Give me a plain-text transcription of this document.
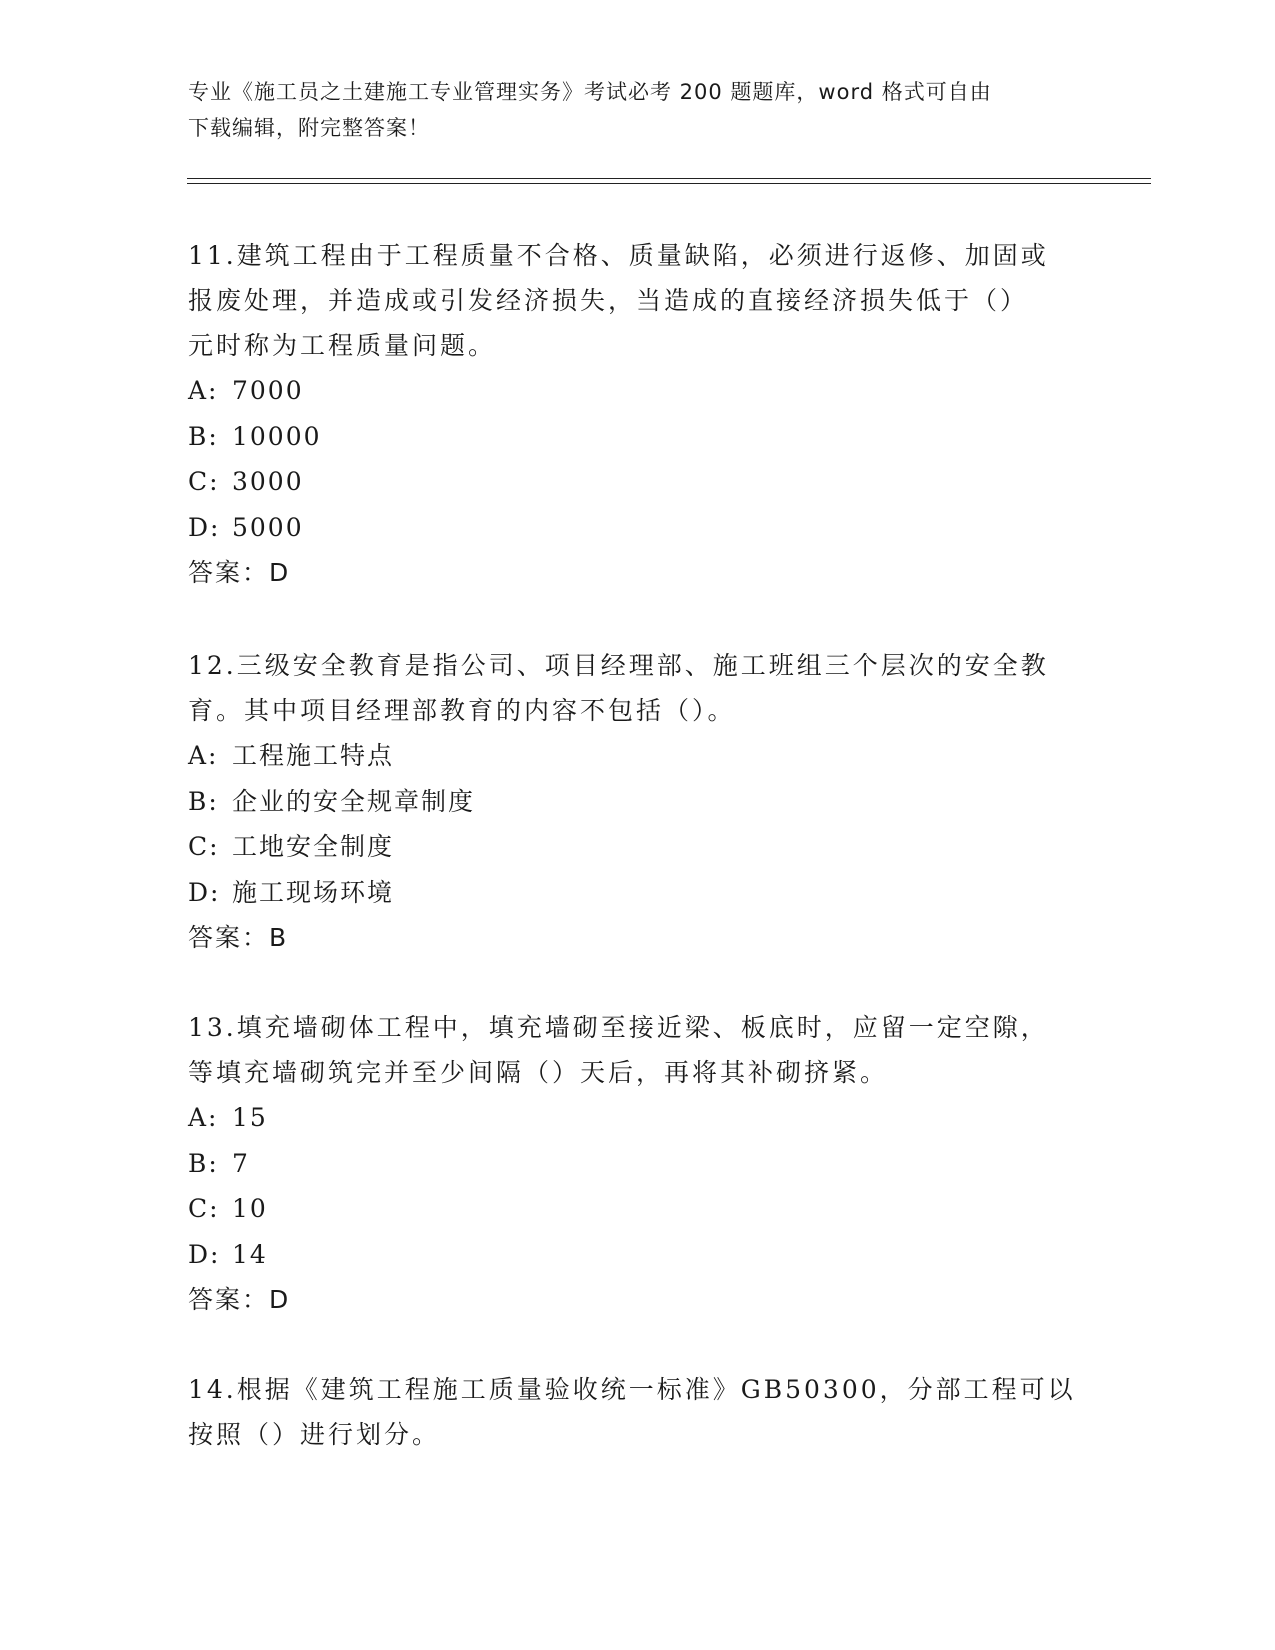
专业《施工员之土建施工专业管理实务》考试必考 200 题题库，word 格式可自由
下载编辑，附完整答案！

11.建筑工程由于工程质量不合格、质量缺陷，必须进行返修、加固或

报废处理，并造成或引发经济损失，当造成的直接经济损失低于（）

元时称为工程质量问题。

A: 7000

B: 10000

C: 3000

D: 5000

答案：D

12.三级安全教育是指公司、项目经理部、施工班组三个层次的安全教

育。其中项目经理部教育的内容不包括（）。

A: 工程施工特点

B: 企业的安全规章制度

C: 工地安全制度

D: 施工现场环境

答案：B

13.填充墙砌体工程中，填充墙砌至接近梁、板底时，应留一定空隙，

等填充墙砌筑完并至少间隔（）天后，再将其补砌挤紧。

A: 15

B: 7

C: 10

D: 14

答案：D

14.根据《建筑工程施工质量验收统一标准》GB50300，分部工程可以

按照（）进行划分。
